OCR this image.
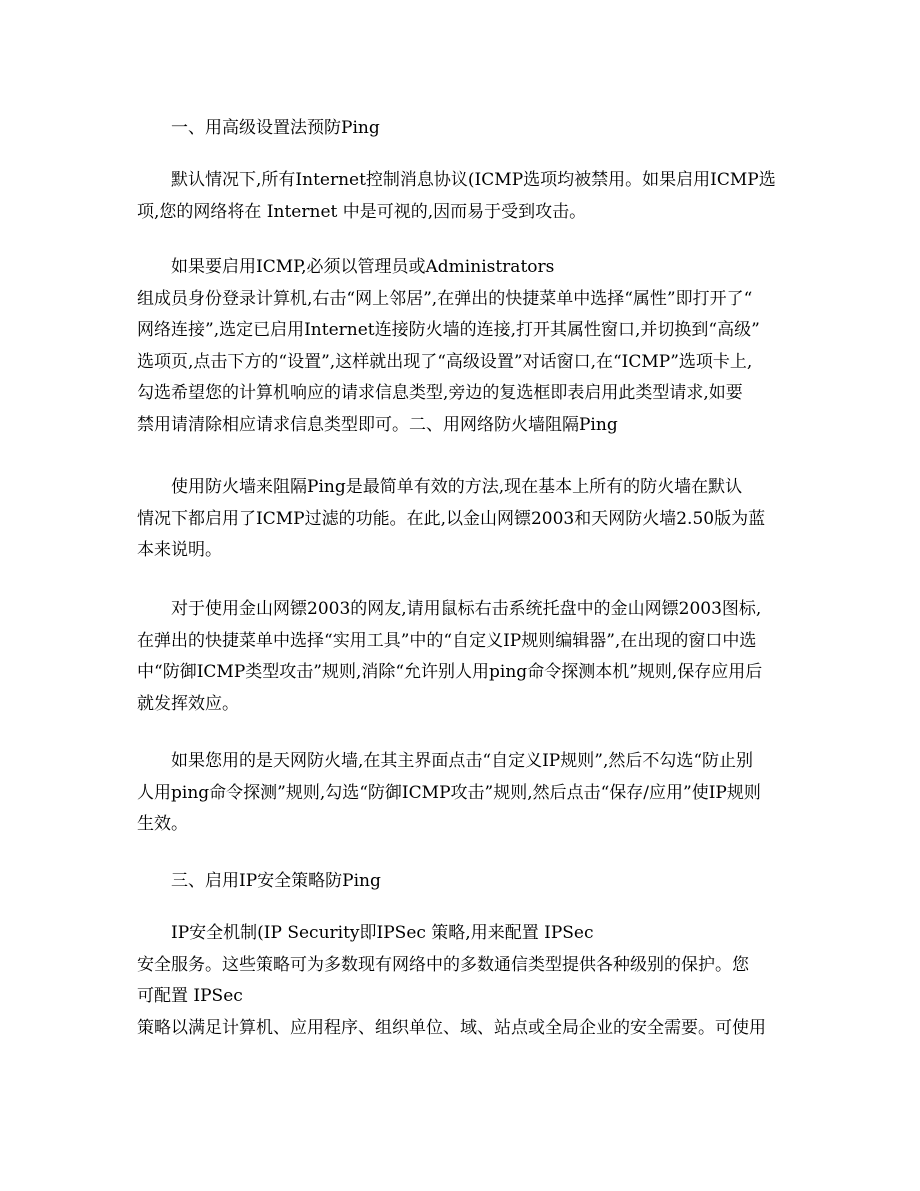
一、用高级设置法预防Ping

默认情况下,所有Internet控制消息协议(ICMP选项均被禁用。如果启用ICMP选
项,您的网络将在 Internet 中是可视的,因而易于受到攻击。

如果要启用ICMP,必须以管理员或Administrators
组成员身份登录计算机,右击“网上邻居”,在弹出的快捷菜单中选择“属性”即打开了“
网络连接”,选定已启用Internet连接防火墙的连接,打开其属性窗口,并切换到“高级”
选项页,点击下方的“设置”,这样就出现了“高级设置”对话窗口,在“ICMP”选项卡上,
勾选希望您的计算机响应的请求信息类型,旁边的复选框即表启用此类型请求,如要
禁用请清除相应请求信息类型即可。二、用网络防火墙阻隔Ping

使用防火墙来阻隔Ping是最简单有效的方法,现在基本上所有的防火墙在默认
情况下都启用了ICMP过滤的功能。在此,以金山网镖2003和天网防火墙2.50版为蓝
本来说明。

对于使用金山网镖2003的网友,请用鼠标右击系统托盘中的金山网镖2003图标,
在弹出的快捷菜单中选择“实用工具”中的“自定义IP规则编辑器”,在出现的窗口中选
中“防御ICMP类型攻击”规则,消除“允许别人用ping命令探测本机”规则,保存应用后
就发挥效应。

如果您用的是天网防火墙,在其主界面点击“自定义IP规则”,然后不勾选“防止别
人用ping命令探测”规则,勾选“防御ICMP攻击”规则,然后点击“保存/应用”使IP规则
生效。

三、启用IP安全策略防Ping

IP安全机制(IP Security即IPSec 策略,用来配置 IPSec
安全服务。这些策略可为多数现有网络中的多数通信类型提供各种级别的保护。您
可配置 IPSec
策略以满足计算机、应用程序、组织单位、域、站点或全局企业的安全需要。可使用
